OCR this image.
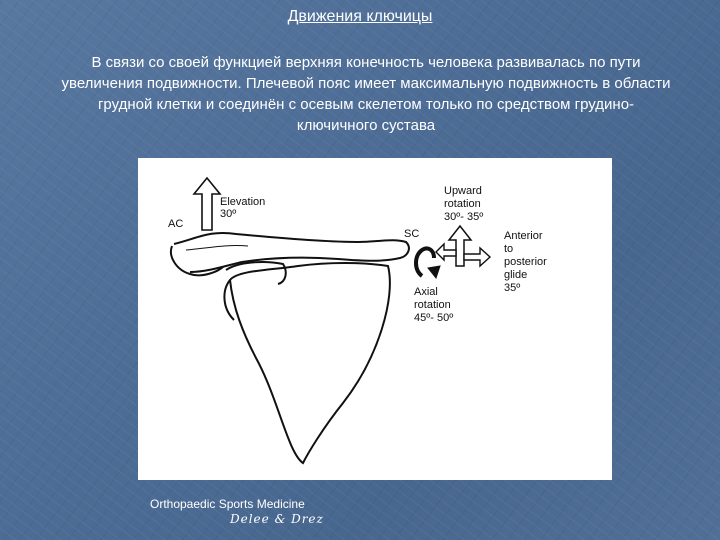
Движения ключицы
В связи со своей функцией верхняя конечность человека развивалась по пути увеличения подвижности. Плечевой пояс имеет максимальную подвижность в области грудной клетки и соединён с осевым скелетом только по средством грудино-ключичного сустава
Elevation
30º
AC
SC
Upward
rotation
30º- 35º
Anterior
to
posterior
glide
35º
Axial
rotation
45º- 50º
Orthopaedic Sports Medicine
Delee & Drez
